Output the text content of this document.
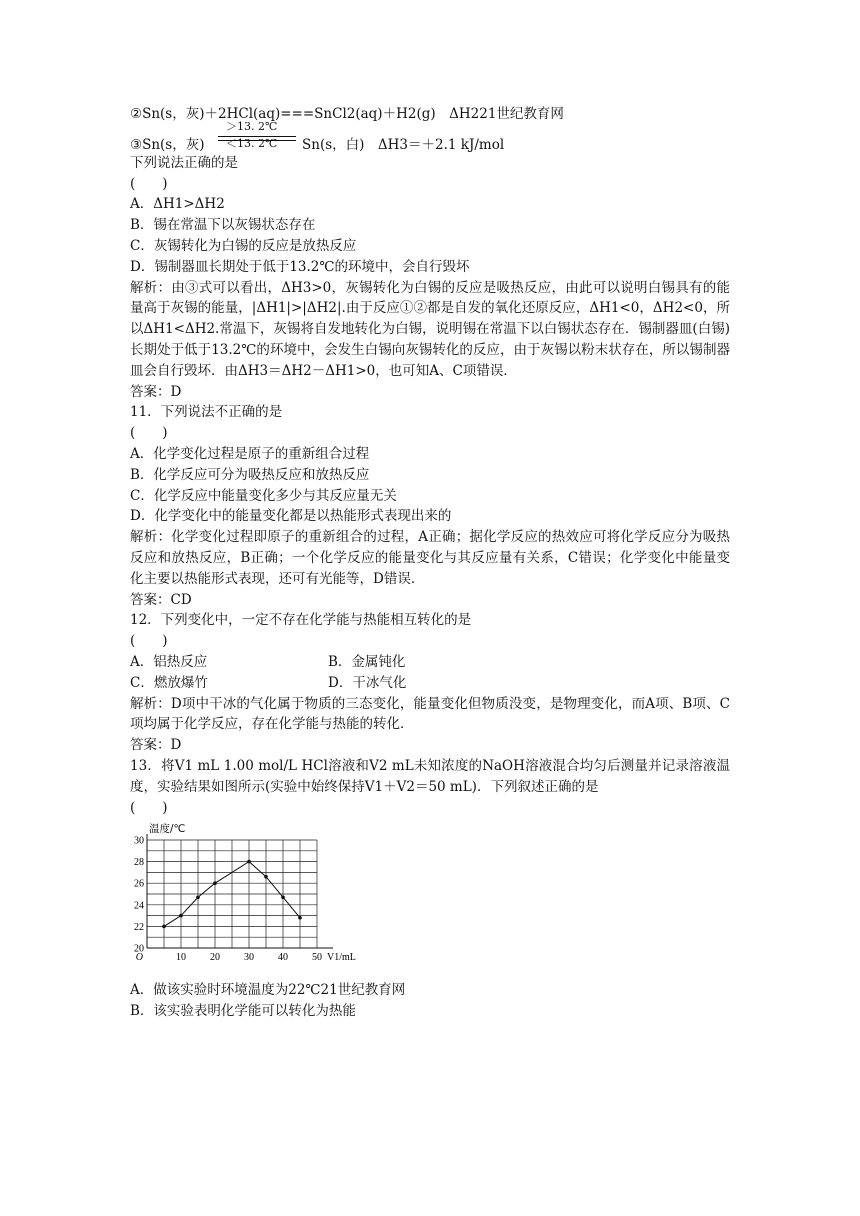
②Sn(s，灰)＋2HCl(aq)===SnCl2(aq)＋H2(g)　ΔH221世纪教育网
＞13. 2℃
＜13. 2℃
③Sn(s，灰)	Sn(s，白)　ΔH3＝＋2.1 kJ/mol
下列说法正确的是
(　　)
A．ΔH1>ΔH2
B．锡在常温下以灰锡状态存在
C．灰锡转化为白锡的反应是放热反应
D．锡制器皿长期处于低于13.2℃的环境中，会自行毁坏
解析：由③式可以看出，ΔH3>0，灰锡转化为白锡的反应是吸热反应，由此可以说明白锡具有的能量高于灰锡的能量，|ΔH1|>|ΔH2|.由于反应①②都是自发的氧化还原反应，ΔH1<0，ΔH2<0，所以ΔH1<ΔH2.常温下，灰锡将自发地转化为白锡，说明锡在常温下以白锡状态存在．锡制器皿(白锡)长期处于低于13.2℃的环境中，会发生白锡向灰锡转化的反应，由于灰锡以粉末状存在，所以锡制器皿会自行毁坏．由ΔH3＝ΔH2－ΔH1>0，也可知A、C项错误．
答案：D
11．下列说法不正确的是
(　　)
A．化学变化过程是原子的重新组合过程
B．化学反应可分为吸热反应和放热反应
C．化学反应中能量变化多少与其反应量无关
D．化学变化中的能量变化都是以热能形式表现出来的
解析：化学变化过程即原子的重新组合的过程，A正确；据化学反应的热效应可将化学反应分为吸热反应和放热反应，B正确；一个化学反应的能量变化与其反应量有关系，C错误；化学变化中能量变化主要以热能形式表现，还可有光能等，D错误．
答案：CD
12．下列变化中，一定不存在化学能与热能相互转化的是
(　　)
A．铝热反应	B．金属钝化
C．燃放爆竹	D．干冰气化
解析：D项中干冰的气化属于物质的三态变化，能量变化但物质没变，是物理变化，而A项、B项、C项均属于化学反应，存在化学能与热能的转化．
答案：D
13．将V1 mL 1.00 mol/L HCl溶液和V2 mL未知浓度的NaOH溶液混合均匀后测量并记录溶液温度，实验结果如图所示(实验中始终保持V1＋V2＝50 mL)．下列叙述正确的是
(　　)
20
22
24
26
28
30
10 20 30 40 50
O
温度/℃
V1/mL
A．做该实验时环境温度为22℃21世纪教育网
B．该实验表明化学能可以转化为热能
